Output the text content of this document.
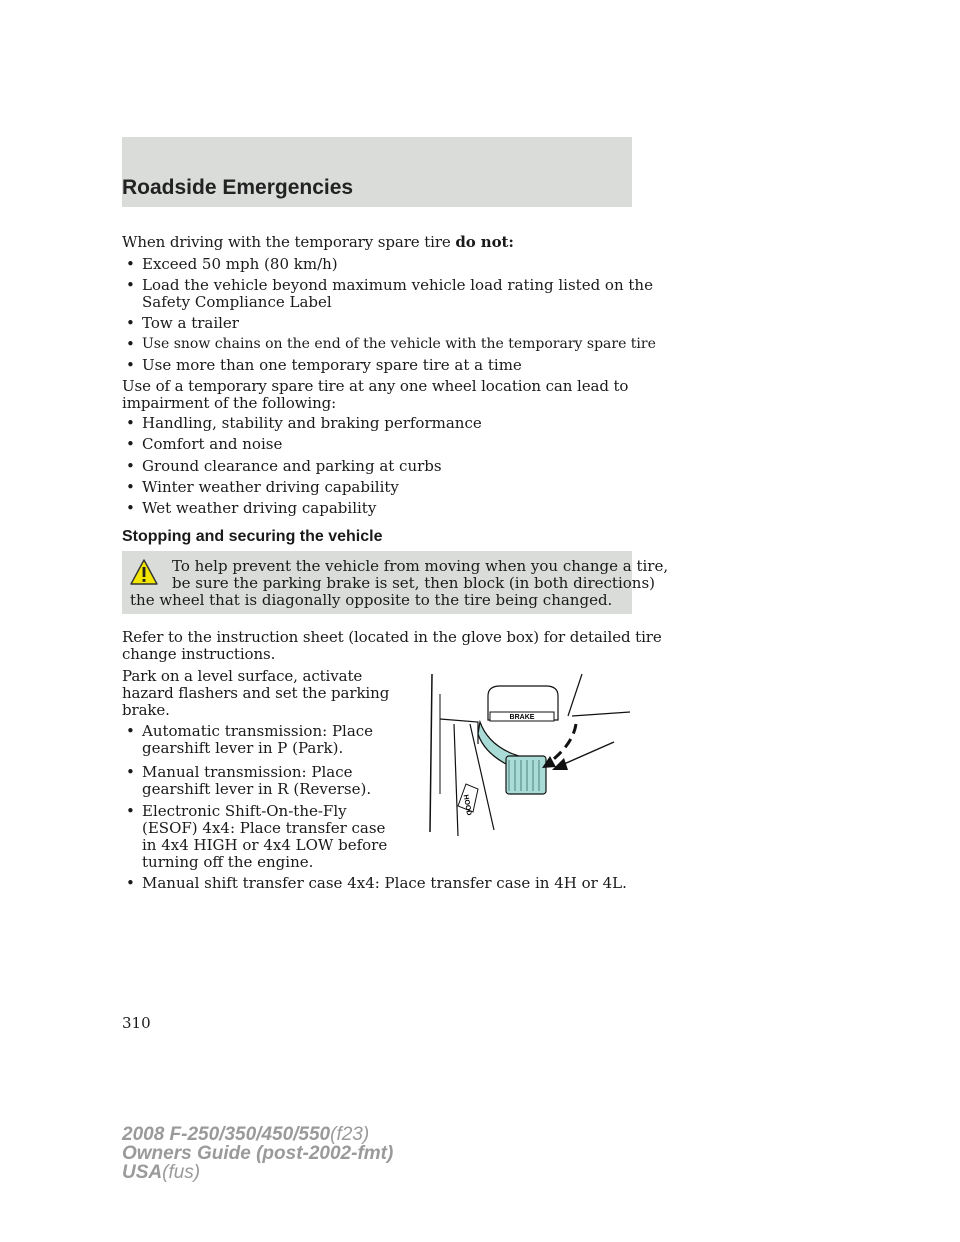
Roadside Emergencies
When driving with the temporary spare tire do not:
• Exceed 50 mph (80 km/h)
• Load the vehicle beyond maximum vehicle load rating listed on the
Safety Compliance Label
• Tow a trailer
• Use snow chains on the end of the vehicle with the temporary spare tire
• Use more than one temporary spare tire at a time
Use of a temporary spare tire at any one wheel location can lead to
impairment of the following:
• Handling, stability and braking performance
• Comfort and noise
• Ground clearance and parking at curbs
• Winter weather driving capability
• Wet weather driving capability
Stopping and securing the vehicle
To help prevent the vehicle from moving when you change a tire,
be sure the parking brake is set, then block (in both directions)
the wheel that is diagonally opposite to the tire being changed.
Refer to the instruction sheet (located in the glove box) for detailed tire
change instructions.
Park on a level surface, activate
hazard flashers and set the parking
brake.
• Automatic transmission: Place
gearshift lever in P (Park).
• Manual transmission: Place
gearshift lever in R (Reverse).
• Electronic Shift-On-the-Fly
(ESOF) 4x4: Place transfer case
in 4x4 HIGH or 4x4 LOW before
turning off the engine.
• Manual shift transfer case 4x4: Place transfer case in 4H or 4L.
HOOD
BRAKE
310
2008 F-250/350/450/550(f23)
Owners Guide (post-2002-fmt)
USA(fus)
